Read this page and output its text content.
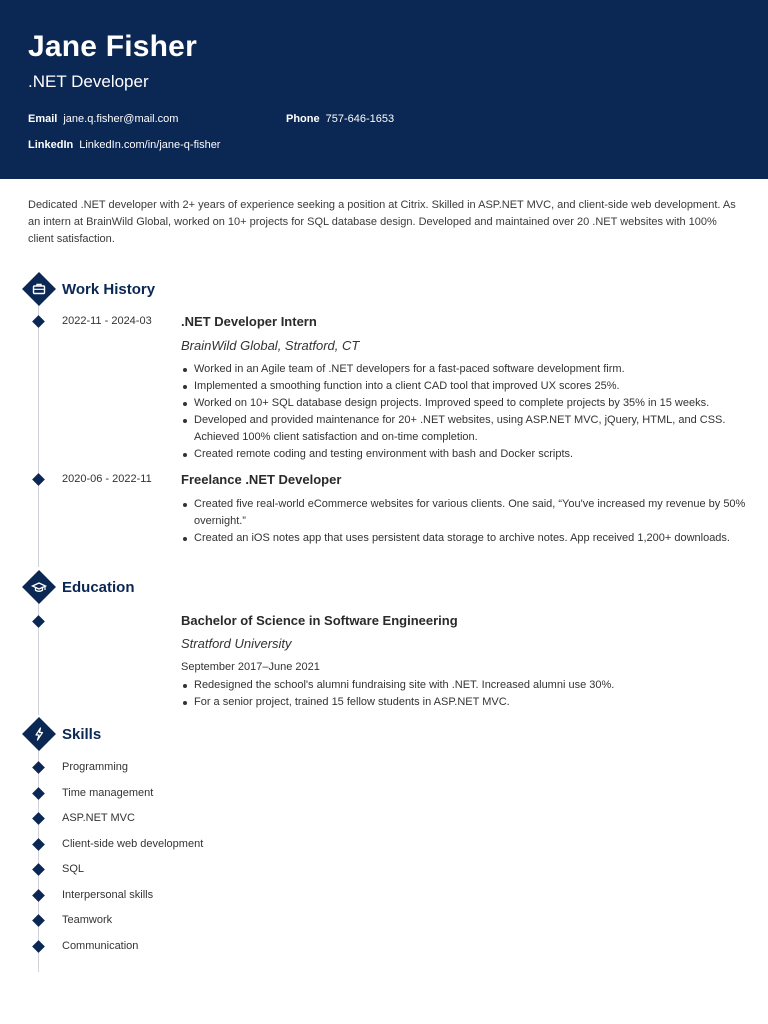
Jane Fisher
.NET Developer
Email jane.q.fisher@mail.com	Phone 757-646-1653
LinkedIn LinkedIn.com/in/jane-q-fisher
Dedicated .NET developer with 2+ years of experience seeking a position at Citrix. Skilled in ASP.NET MVC, and client-side web development. As an intern at BrainWild Global, worked on 10+ projects for SQL database design. Developed and maintained over 20 .NET websites with 100% client satisfaction.
Work History
2022-11 - 2024-03 .NET Developer Intern
BrainWild Global, Stratford, CT
Worked in an Agile team of .NET developers for a fast-paced software development firm.
Implemented a smoothing function into a client CAD tool that improved UX scores 25%.
Worked on 10+ SQL database design projects. Improved speed to complete projects by 35% in 15 weeks.
Developed and provided maintenance for 20+ .NET websites, using ASP.NET MVC, jQuery, HTML, and CSS. Achieved 100% client satisfaction and on-time completion.
Created remote coding and testing environment with bash and Docker scripts.
2020-06 - 2022-11 Freelance .NET Developer
Created five real-world eCommerce websites for various clients. One said, “You've increased my revenue by 50% overnight.”
Created an iOS notes app that uses persistent data storage to archive notes. App received 1,200+ downloads.
Education
Bachelor of Science in Software Engineering
Stratford University
September 2017–June 2021
Redesigned the school's alumni fundraising site with .NET. Increased alumni use 30%.
For a senior project, trained 15 fellow students in ASP.NET MVC.
Skills
Programming
Time management
ASP.NET MVC
Client-side web development
SQL
Interpersonal skills
Teamwork
Communication
